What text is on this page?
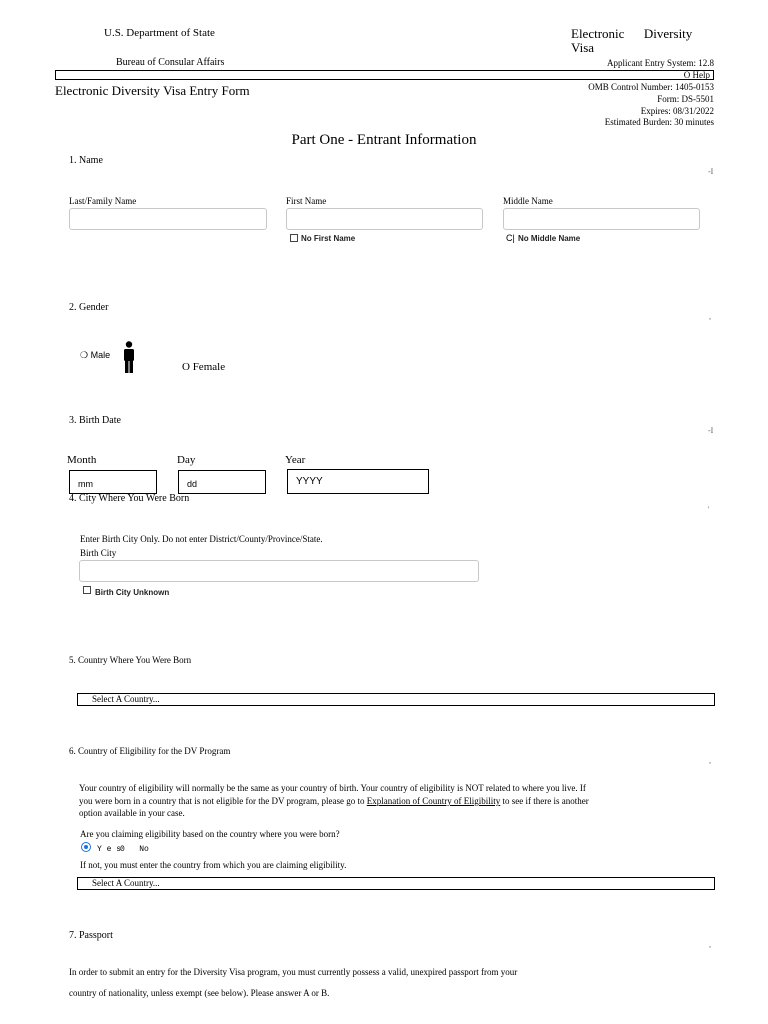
U.S. Department of State
Bureau of Consular Affairs
Electronic      Diversity
Visa
Applicant Entry System: 12.8
O Help
Electronic Diversity Visa Entry Form	OMB Control Number: 1405-0153
Form: DS-5501
Expires: 08/31/2022
Estimated Burden: 30 minutes
Part One - Entrant Information
1. Name
-I
Last/Family Name	First Name	Middle Name
No First Name	C| No Middle Name
2. Gender
,
❍ Male
O Female
3. Birth Date
-I
Month	Day	Year
mm	dd	YYYY
4. City Where You Were Born
'
Enter Birth City Only. Do not enter District/County/Province/State.
Birth City
Birth City Unknown
5. Country Where You Were Born
Select A Country...
6. Country of Eligibility for the DV Program
,
Your country of eligibility will normally be the same as your country of birth. Your country of eligibility is NOT related to where you live. If
you were born in a country that is not eligible for the DV program, please go to Explanation of Country of Eligibility to see if there is another
option available in your case.
Are you claiming eligibility based on the country where you were born?
Y e s
0   No
If not, you must enter the country from which you are claiming eligibility.
Select A Country...
7. Passport
,
In order to submit an entry for the Diversity Visa program, you must currently possess a valid, unexpired passport from your
country of nationality, unless exempt (see below). Please answer A or B.
